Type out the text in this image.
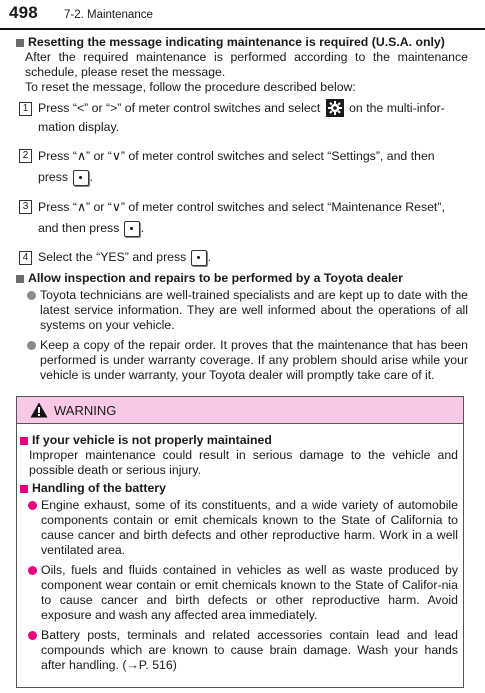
498 7-2. Maintenance
Resetting the message indicating maintenance is required (U.S.A. only)

After the required maintenance is performed according to the maintenance schedule, please reset the message.

To reset the message, follow the procedure described below:

1 Press “<” or “>” of meter control switches and select on the multi-infor-mation display.
2 Press “∧” or “∨” of meter control switches and select “Settings”, and then press .
3 Press “∧” or “∨” of meter control switches and select “Maintenance Reset”, and then press .
4 Select the “YES” and press .
Allow inspection and repairs to be performed by a Toyota dealer
Toyota technicians are well-trained specialists and are kept up to date with the latest service information. They are well informed about the operations of all systems on your vehicle.
Keep a copy of the repair order. It proves that the maintenance that has been performed is under warranty coverage. If any problem should arise while your vehicle is under warranty, your Toyota dealer will promptly take care of it.
WARNING
If your vehicle is not properly maintained

Improper maintenance could result in serious damage to the vehicle and possible death or serious injury.

Handling of the battery
Engine exhaust, some of its constituents, and a wide variety of automobile components contain or emit chemicals known to the State of California to cause cancer and birth defects and other reproductive harm. Work in a well ventilated area.
Oils, fuels and fluids contained in vehicles as well as waste produced by component wear contain or emit chemicals known to the State of Califor-nia to cause cancer and birth defects or other reproductive harm. Avoid exposure and wash any affected area immediately.
Battery posts, terminals and related accessories contain lead and lead compounds which are known to cause brain damage. Wash your hands after handling. (→P. 516)
